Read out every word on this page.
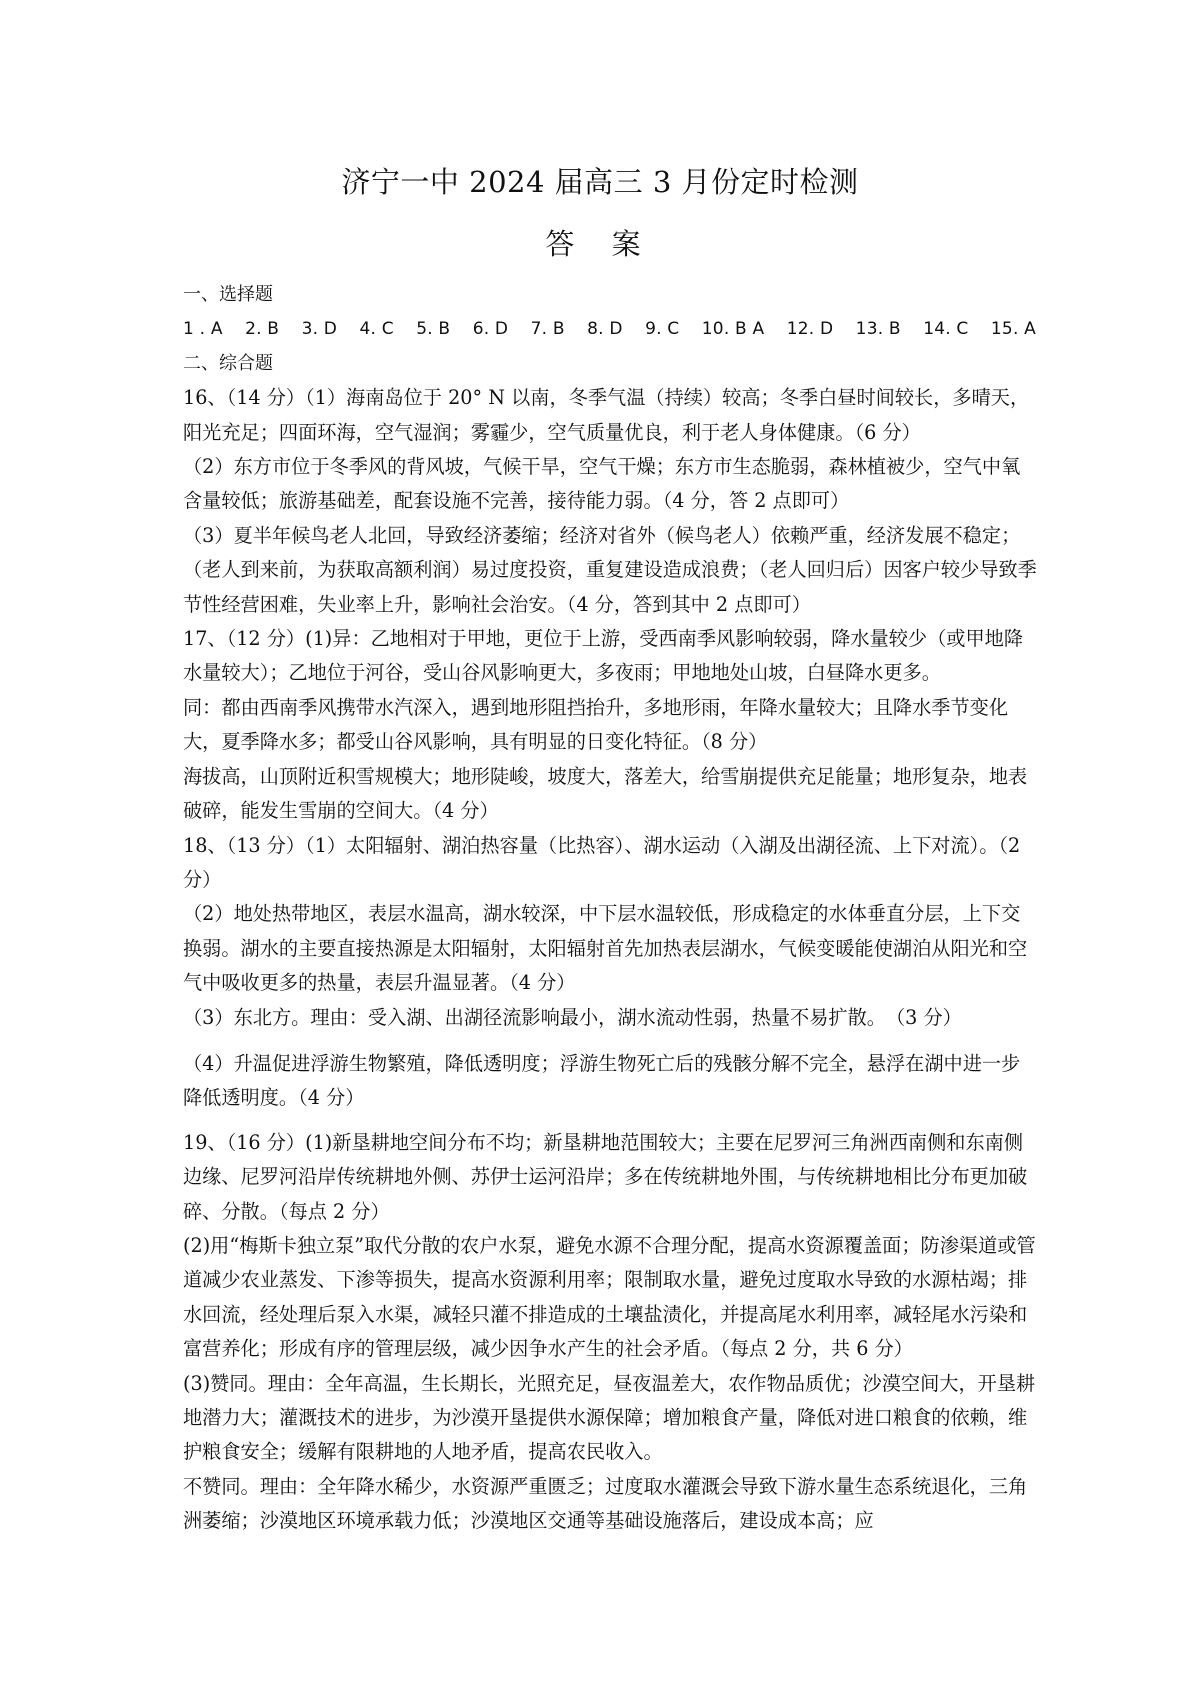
济宁一中 2024 届高三 3 月份定时检测
答 案

一、选择题

1 . A    2. B    3. D    4. C    5. B    6. D    7. B    8. D    9. C    10. B A    12. D    13. B    14. C    15. A

二、综合题

16、（14 分）（1）海南岛位于 20° N 以南，冬季气温（持续）较高；冬季白昼时间较长，多晴天，阳光充足；四面环海，空气湿润；雾霾少，空气质量优良，利于老人身体健康。（6 分）

（2）东方市位于冬季风的背风坡，气候干旱，空气干燥；东方市生态脆弱，森林植被少，空气中氧含量较低；旅游基础差，配套设施不完善，接待能力弱。（4 分，答 2 点即可）

（3）夏半年候鸟老人北回，导致经济萎缩；经济对省外（候鸟老人）依赖严重，经济发展不稳定；（老人到来前，为获取高额利润）易过度投资，重复建设造成浪费；（老人回归后）因客户较少导致季节性经营困难，失业率上升，影响社会治安。（4 分，答到其中 2 点即可）

17、（12 分）(1)异：乙地相对于甲地，更位于上游，受西南季风影响较弱，降水量较少（或甲地降水量较大）；乙地位于河谷，受山谷风影响更大，多夜雨；甲地地处山坡，白昼降水更多。

同：都由西南季风携带水汽深入，遇到地形阻挡抬升，多地形雨，年降水量较大；且降水季节变化大，夏季降水多；都受山谷风影响，具有明显的日变化特征。（8 分）

海拔高，山顶附近积雪规模大；地形陡峻，坡度大，落差大，给雪崩提供充足能量；地形复杂，地表破碎，能发生雪崩的空间大。（4 分）

18、（13 分）（1）太阳辐射、湖泊热容量（比热容）、湖水运动（入湖及出湖径流、上下对流）。（2 分）

（2）地处热带地区，表层水温高，湖水较深，中下层水温较低，形成稳定的水体垂直分层，上下交换弱。湖水的主要直接热源是太阳辐射，太阳辐射首先加热表层湖水，气候变暖能使湖泊从阳光和空气中吸收更多的热量，表层升温显著。（4 分）

（3）东北方。理由：受入湖、出湖径流影响最小，湖水流动性弱，热量不易扩散。　（3 分）

（4）升温促进浮游生物繁殖，降低透明度；浮游生物死亡后的残骸分解不完全，悬浮在湖中进一步降低透明度。（4 分）

19、（16 分）(1)新垦耕地空间分布不均；新垦耕地范围较大；主要在尼罗河三角洲西南侧和东南侧边缘、尼罗河沿岸传统耕地外侧、苏伊士运河沿岸；多在传统耕地外围，与传统耕地相比分布更加破碎、分散。（每点 2 分）

(2)用“梅斯卡独立泵”取代分散的农户水泵，避免水源不合理分配，提高水资源覆盖面；防渗渠道或管道减少农业蒸发、下渗等损失，提高水资源利用率；限制取水量，避免过度取水导致的水源枯竭；排水回流，经处理后泵入水渠，减轻只灌不排造成的土壤盐渍化，并提高尾水利用率，减轻尾水污染和富营养化；形成有序的管理层级，减少因争水产生的社会矛盾。（每点 2 分，共 6 分）

(3)赞同。理由：全年高温，生长期长，光照充足，昼夜温差大，农作物品质优；沙漠空间大，开垦耕地潜力大；灌溉技术的进步，为沙漠开垦提供水源保障；增加粮食产量，降低对进口粮食的依赖，维护粮食安全；缓解有限耕地的人地矛盾，提高农民收入。

不赞同。理由：全年降水稀少，水资源严重匮乏；过度取水灌溉会导致下游水量生态系统退化，三角洲萎缩；沙漠地区环境承载力低；沙漠地区交通等基础设施落后，建设成本高；应
